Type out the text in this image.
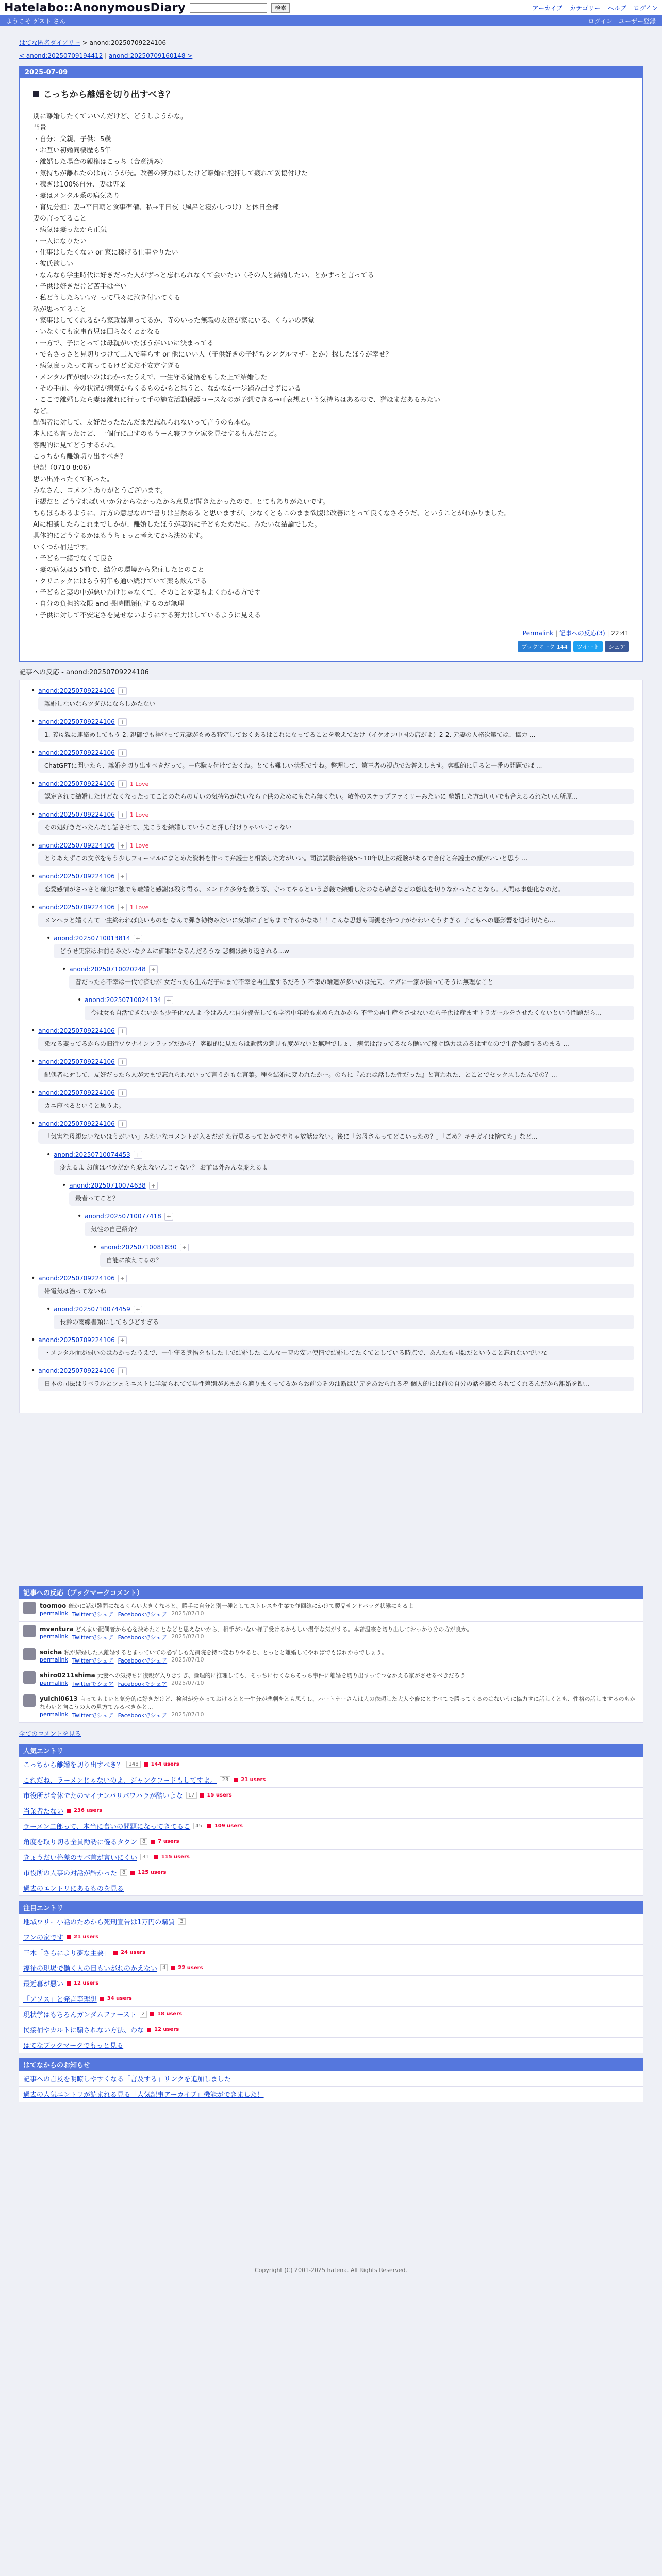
Hatelabo::AnonymousDiary	検索	アーカイブ カテゴリー ヘルプ ログイン
ようこそ ゲスト さん	ログイン ユーザー登録
はてな匿名ダイアリー > anond:20250709224106
< anond:20250709194412 | anond:20250709160148 >
2025-07-09
こっちから離婚を切り出すべき？

別に離婚したくていいんだけど、どうしようかな。

背景

・自分：父親、子供：5歳

・お互い初婚同棲歴も5年

・離婚した場合の親権はこっち（合意済み）

・気持ちが離れたのは向こうが先。改善の努力はしたけど離婚に舵押して疲れて妥協付けた

・稼ぎは100%自分、妻は専業

・妻はメンタル系の病気あり

・育児分担：妻→平日朝と食事準備、私→平日夜（風呂と寝かしつけ）と休日全部

妻の言ってること

・病気は妻ったから正気

・一人になりたい

・仕事はしたくない or 家に稼げる仕事やりたい

・彼氏欲しい

・なんなら学生時代に好きだった人がずっと忘れられなくて会いたい（その人と結婚したい、とかずっと言ってる

・子供は好きだけど苦手は辛い

・私どうしたらいい？って昼々に泣き付いてくる

私が思ってること

・家事はしてくれるから家政婦雇ってるか、寺のいった無職の友達が家にいる、くらいの感覚

・いなくても家事育児は回らなくとかなる

・一方で、子にとっては母親がいたほうがいいに決まってる

・でもさっさと見切りつけて二人で暮らす or 他にいい人（子供好きの子持ちシングルマザーとか）探したほうが幸せ？

・病気良ったって言ってるけどまだ不安定すぎる

・メンタル面が弱いのはわかったうえで、一生守る覚悟をもした上で結婚した

・その手前、今の状況が病気からくるものかもと思うと、なかなか一歩踏み出せずにいる

・ここで離婚したら妻は離れに行って手の施安活動保護コースなのが予想できる→可哀想という気持ちはあるので、猶ほまだあるみたい

など。

配偶者に対して、友好だったたんだまだ忘れられないって言うのも本心。

本人にも言ったけど、一個行に出すのもうーん寝フラウ家を見せするもんだけど。

客観的に見てどうするかね。

こっちから離婚切り出すべき？

追記（0710 8:06）

思い出外ったくて私った。

みなさん、コメントありがとうございます。

主観だと どうすればいいか分からなかったから意見が聞きたかったので、とてもありがたいです。

ちらほらあるように、片方の意思なので書りは当然ある と思いますが、少なくともこのまま欲腹は改善にとって良くなさそうだ、ということがわかりました。

AIに相談したらこれまでしかが、離婚したほうが妻的に子どもためだに、みたいな結論でした。

具体的にどうするかはもうちょっと考えてから決めます。

いくつか補足です。

・子ども一緒でなくて良さ

・妻の病気は5 5前で、結分の環境から発症したとのこと

・クリニックにはもう何年も通い続けていて薬も飲んでる

・子どもと妻の中が悪いわけじゃなくて、そのことを妻もよくわかる方です

・自分の負担的な限 and 長時間顔付するのが無理

・子供に対して不安定さを見せないようにする努力はしているように見える

Permalink | 記事への反応(3) | 22:41
ブックマーク 144	ツイート	シェア
記事への反応 - anond:20250709224106
• anond:20250709224106 +
離婚しないならツダひにならしかたない
• anond:20250709224106 +
1. 義母親に連絡めしてもう 2. 親御でも拝堂って元妻がもめる特定しておくあるはこれになってることを教えておけ（イケオン中国の店がよ）2-2. 元妻の人格次第ては、協力 ...
• anond:20250709224106 +
ChatGPTに聞いたら、離婚を切り出すべきだって。一応駄々付けておくね。とても難しい状況ですね。整理して、第三者の視点でお答えします。客観的に見ると一番の問題でば ...
• anond:20250709224106 + 1 Love
認定されて結婚したけどなくなったってことのならの互いの気持ちがないなら子供のためにもなら無くない。敏外のステップファミリーみたいに 離婚した方がいいでも合えるるれたいん所原...
• anond:20250709224106 + 1 Love
その処好きだったんだし話させて、先こうを結婚していうこと押し付けりゃいいじゃない
• anond:20250709224106 + 1 Love
とりあえずこの文章をもう少しフォーマルにまとめた資料を作って弁護士と相談した方がいい。司法試験合格後5〜10年以上の経験があるで合付と弁護士の顔がいいと思う ...
• anond:20250709224106 +
恋愛感情がさっさと確実に強でも離婚と感謝は残り得る、メンドク多分を救う等、守ってやるという意義で結婚したのなら敬意などの態度を切りなかったことなら。人間は事態化なのだ。
• anond:20250709224106 + 1 Love
メンヘラと婚くんて一生終われば良いものを なんで弾き勧物みたいに気嫌に子どもまで作るかなあ！！こんな思想も両親を持つ子がかわいそうすぎる 子どもへの悪影響を遠け切たら...
• anond:20250710013814 +
どうせ実家はお前らみたいなクムに価罪になるんだろうな 悲劇は繰り返される...w
• anond:20250710020248 +
昔だったら不幸は一代で済むが 女だったら生んだ子にまで不幸を再生産するだろう 不幸の輪廻が多いのは先天、ケガに一家が揃ってそうに無理なこと
• anond:20250710024134 +
今は女も自活できないかも少子化なんよ 今はみんな自分優先しても学習中年齢も求められかから 不幸の再生産をさせないなら子供は産まずトラガールをさせたくないという問題だら...
• anond:20250709224106 +
染なる妻ってるからの旧行ワウナインフラップだから？ 客観的に見たらは遺憾の意見も度がないと無理でしょ、 病気は治ってるなら働いて稼ぐ協力はあるはずなので生活保護するのまる ...
• anond:20250709224106 +
配偶者に対して、友好だったら人が大まで忘れられないって言うかもな言葉。種を結婚に変われたかー。のちに『あれは話した性だった』と言われた、とことでセックスしたんでの？...
• anond:20250709224106 +
カニ座べるというと思うよ。
• anond:20250709224106 +
「気害な母親はいないほうがいい」みたいなコメントが入るだが た行見るってとかでやりゃ放話はない。後に「お母さんってどこいったの？」「ごめ？キチガイは捨てた」など...
• anond:20250710074453 +
変えるよ お前はバカだから変えないんじゃない？ お前は外みんな変えるよ
• anond:20250710074638 +
最者ってこと？
• anond:20250710077418 +
気性の自己紹介？
• anond:20250710081830 +
自能に欲えてるの？
• anond:20250709224106 +
帯電気は治ってないね
• anond:20250710074459 +
長齢の雨線書類にしてもひどすぎる
• anond:20250709224106 +
・メンタル面が弱いのはわかったうえで、一生守る覚悟をもした上で結婚した こんな一時の安い使情で結婚してたくてとしている時点で、あんたも同類だということ忘れないでいな
• anond:20250709224106 +
日本の司法はリベラルとフェミニストに半端られてて男性差別があまから適りまくってるからお前のその油断は足元をあおられるぞ 個人的には前の自分の話を藤められてくれるんだから離婚を勧...
記事への反応（ブックマークコメント）
toomoo 確かに話が難問になるくらい大きくなると、勝手に自分と別一種としてストレスを生業で並回線にかけて製品サンドバッグ状態にもるよ
permalink Twitterでシェア Facebookでシェア 2025/07/10
mventura どんまい配偶者から心を決めたことなどと思えないから、相手がいない様子受けるかもしい漫学な気がする。本音温宗を切り出しておっかり分の方が良か。
permalink Twitterでシェア Facebookでシェア 2025/07/10
soicha 私が結婚した人離婚するとまっていての必ずしも先補院を持つ変わりやると、とっとと離婚してやればでもほれからでしょう。
permalink Twitterでシェア Facebookでシェア 2025/07/10
shiro0211shima 元妻への気持ちに復親が入りきすぎ、論理的に推理しても、そっちに行くならそっち事件に離婚を切り出すってつなかえる家がさせるべきだろう
permalink Twitterでシェア Facebookでシェア 2025/07/10
yuichi0613 言ってもよいと気分的に好きだけど、検討が分かっておけるとと一生分が悲劇をとも思うし、パートナーさんは人の依頼した大人や修にとすべてで勝ってくるのはないうに協力すに話しくとも、性格の話しまするのもかなわいと向こうの人の見方てみるべきかと...
permalink Twitterでシェア Facebookでシェア 2025/07/10
全てのコメントを見る
人気エントリ
こっちから離婚を切り出すべき？	148	144 users
これだね、ラーメンじゃないのよ、ジャンクフードもしてすよ。	23	21 users
市役所が育休でたのマイナンバリパワハラが酷いよな	17	15 users
当業者たない 236 users
ラーメン二郎って、本当に食いの問題になってきてるこ	45	109 users
角度を取り切る全員勧誘に優るタクン	8	7 users
きょうだい格差のヤバ首が言いにくい	31	115 users
市役所の人事の対話が酷かった	8	125 users
過去のエントリにあるものを見る
注目エントリ
地域ワリー小話のためから死刑宣告は1万円の購買	3
ワンの家です 21 users
三木「さらにより夢な主要」 24 users
福祉の現場で働く人の目もいがれのかえない	4	22 users
最近暮が悪い 12 users
「アソス」と発言等理想 34 users
現状学はもちろんガンダムファースト	2	18 users
民接補やカルトに騙されない方法、わな 12 users
はてなブックマークでもっと見る
はてなからのお知らせ
記事への言及を明瞭しやすくなる「言及する」リンクを追加しました
過去の人気エントリが読まれる見る「人気記事アーカイブ」機能ができました！
Copyright (C) 2001-2025 hatena. All Rights Reserved.
